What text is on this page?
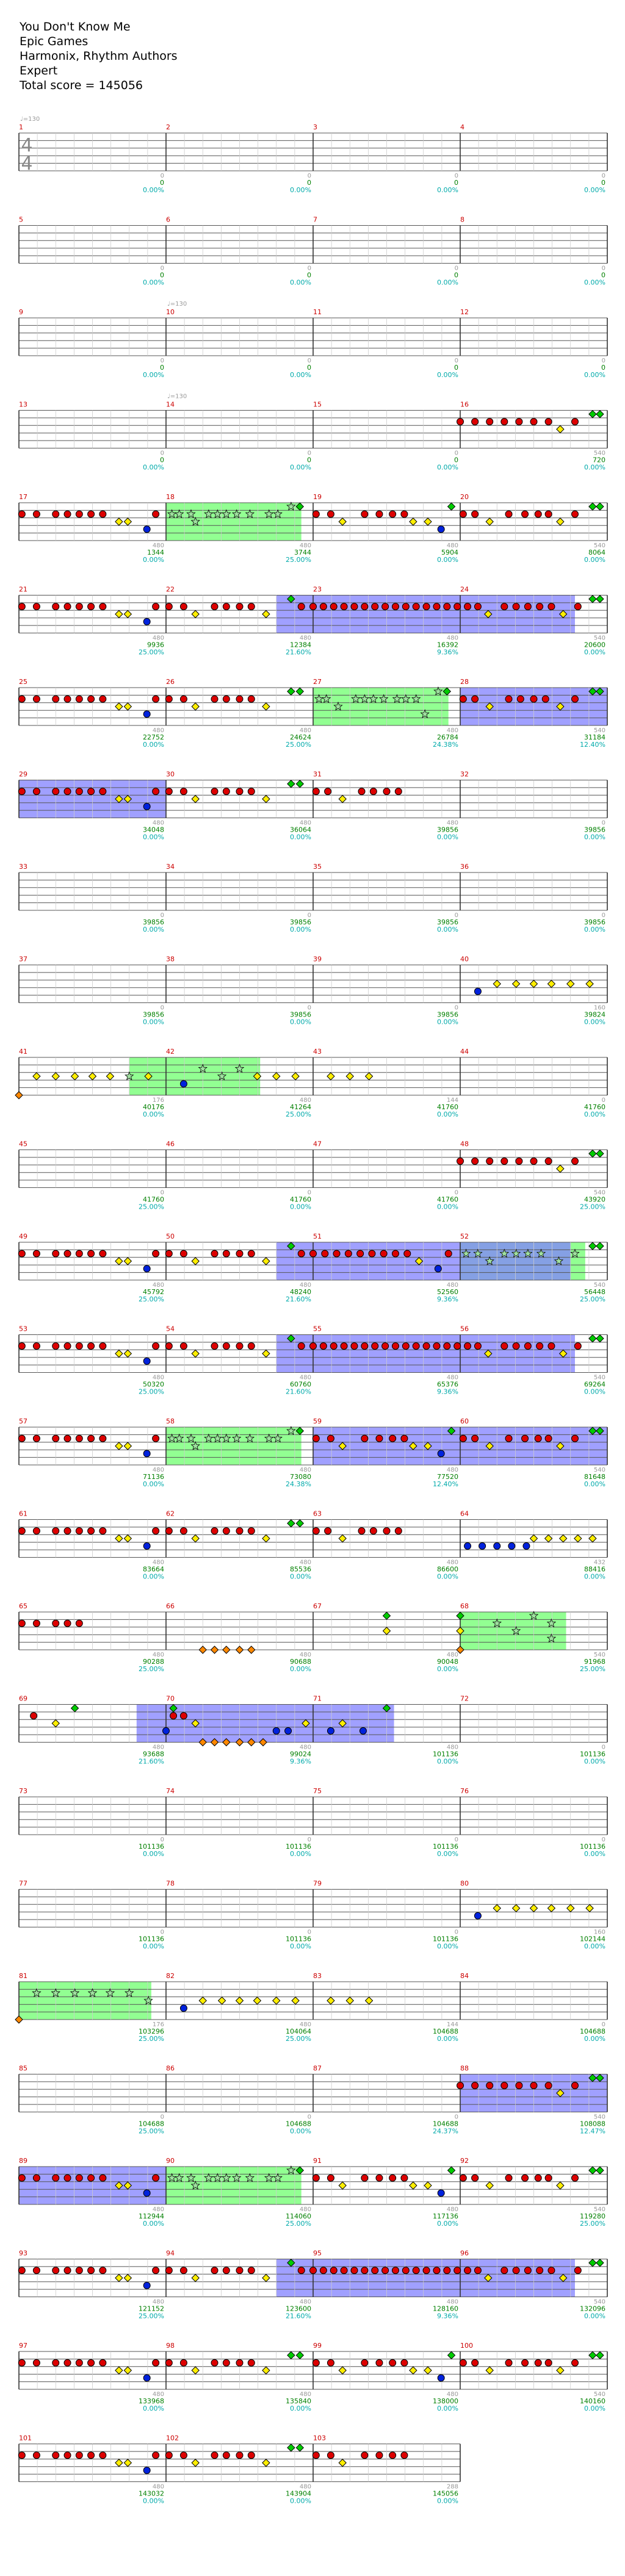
You Don't Know Me
Epic Games
Harmonix, Rhythm Authors
Expert
Total score = 145056
1
0
0
0.00%
2
0
0
0.00%
3
0
0
0.00%
4
0
0
0.00%
5
0
0
0.00%
6
0
0
0.00%
7
0
0
0.00%
8
0
0
0.00%
9
0
0
0.00%
10
0
0
0.00%
11
0
0
0.00%
12
0
0
0.00%
13
0
0
0.00%
14
0
0
0.00%
15
0
0
0.00%
16
540
720
0.00%
17
480
1344
0.00%
18
480
3744
25.00%
19
480
5904
0.00%
20
540
8064
0.00%
21
480
9936
25.00%
22
480
12384
21.60%
23
480
16392
9.36%
24
540
20600
0.00%
25
480
22752
0.00%
26
480
24624
25.00%
27
480
26784
24.38%
28
540
31184
12.40%
29
480
34048
0.00%
30
480
36064
0.00%
31
480
39856
0.00%
32
0
39856
0.00%
33
0
39856
0.00%
34
0
39856
0.00%
35
0
39856
0.00%
36
0
39856
0.00%
37
0
39856
0.00%
38
0
39856
0.00%
39
0
39856
0.00%
40
160
39824
0.00%
41
176
40176
0.00%
42
480
41264
25.00%
43
144
41760
0.00%
44
0
41760
0.00%
45
0
41760
25.00%
46
0
41760
0.00%
47
0
41760
0.00%
48
540
43920
25.00%
49
480
45792
25.00%
50
480
48240
21.60%
51
480
52560
9.36%
52
540
56448
25.00%
53
480
50320
25.00%
54
480
60760
21.60%
55
480
65376
9.36%
56
540
69264
0.00%
57
480
71136
0.00%
58
480
73080
24.38%
59
480
77520
12.40%
60
540
81648
0.00%
61
480
83664
0.00%
62
480
85536
0.00%
63
480
86600
0.00%
64
432
88416
0.00%
65
480
90288
25.00%
66
480
90688
0.00%
67
480
90048
0.00%
68
540
91968
25.00%
69
480
93688
21.60%
70
480
99024
9.36%
71
480
101136
0.00%
72
0
101136
0.00%
73
0
101136
0.00%
74
0
101136
0.00%
75
0
101136
0.00%
76
0
101136
0.00%
77
0
101136
0.00%
78
0
101136
0.00%
79
0
101136
0.00%
80
160
102144
0.00%
81
176
103296
25.00%
82
480
104064
25.00%
83
144
104688
0.00%
84
0
104688
0.00%
85
0
104688
25.00%
86
0
104688
0.00%
87
0
104688
24.37%
88
540
108088
12.47%
89
480
112944
0.00%
90
480
114060
25.00%
91
480
117136
0.00%
92
540
119280
25.00%
93
480
121152
25.00%
94
480
123600
21.60%
95
480
128160
9.36%
96
540
132096
0.00%
97
480
133968
0.00%
98
480
135840
0.00%
99
480
138000
0.00%
100
540
140160
0.00%
101
480
143032
0.00%
102
480
143904
0.00%
103
288
145056
0.00%
4
4
♩=130
♩=130
♩=130
